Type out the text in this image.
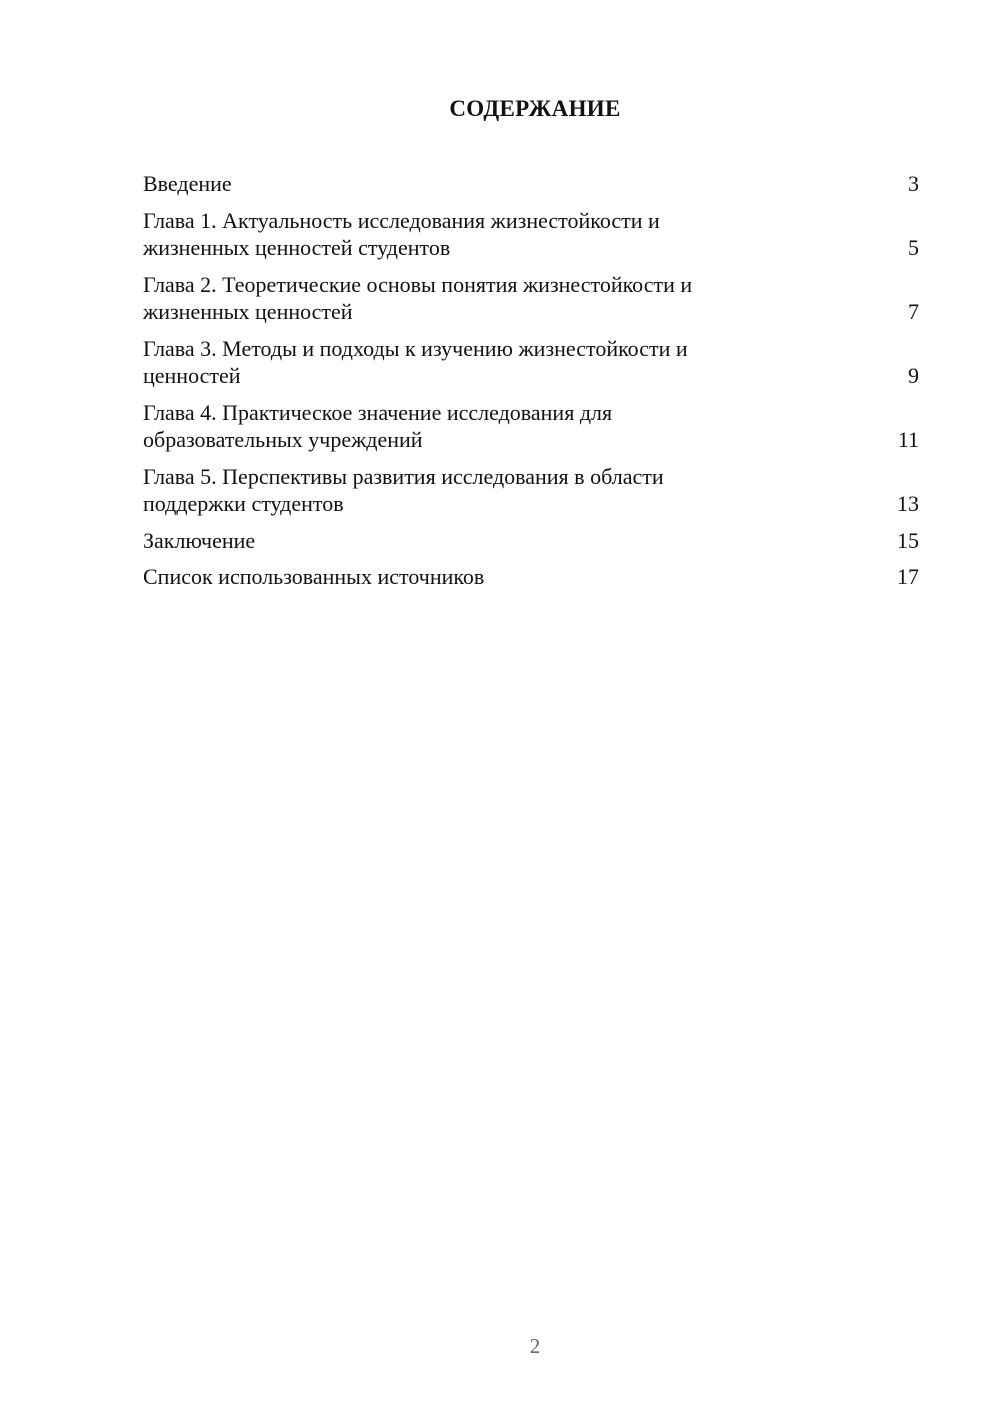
СОДЕРЖАНИЕ
Введение	3
Глава 1. Актуальность исследования жизнестойкости и
жизненных ценностей студентов	5
Глава 2. Теоретические основы понятия жизнестойкости и
жизненных ценностей	7
Глава 3. Методы и подходы к изучению жизнестойкости и
ценностей	9
Глава 4. Практическое значение исследования для
образовательных учреждений	11
Глава 5. Перспективы развития исследования в области
поддержки студентов	13
Заключение	15
Список использованных источников	17
2
